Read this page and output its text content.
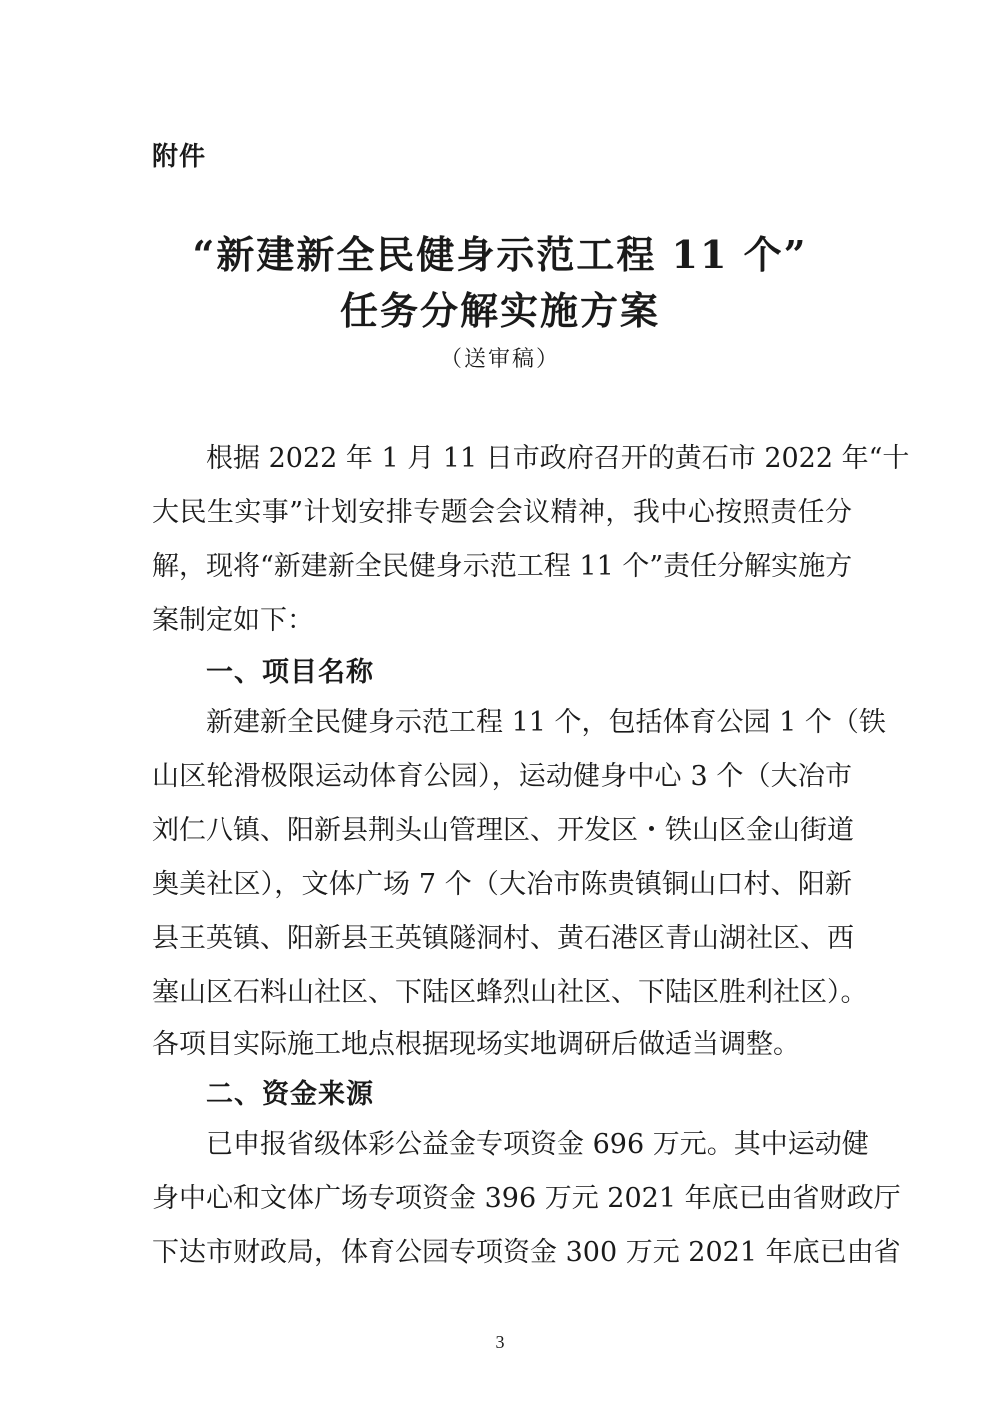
附件
“新建新全民健身示范工程 11 个”
任务分解实施方案
（送审稿）
根据 2022 年 1 月 11 日市政府召开的黄石市 2022 年“十
大民生实事”计划安排专题会会议精神，我中心按照责任分
解，现将“新建新全民健身示范工程 11 个”责任分解实施方
案制定如下：
一、项目名称
新建新全民健身示范工程 11 个，包括体育公园 1 个（铁
山区轮滑极限运动体育公园），运动健身中心 3 个（大冶市
刘仁八镇、阳新县荆头山管理区、开发区・铁山区金山街道
奥美社区），文体广场 7 个（大冶市陈贵镇铜山口村、阳新
县王英镇、阳新县王英镇隧洞村、黄石港区青山湖社区、西
塞山区石料山社区、下陆区蜂烈山社区、下陆区胜利社区）。
各项目实际施工地点根据现场实地调研后做适当调整。
二、资金来源
已申报省级体彩公益金专项资金 696 万元。其中运动健
身中心和文体广场专项资金 396 万元 2021 年底已由省财政厅
下达市财政局，体育公园专项资金 300 万元 2021 年底已由省
3
